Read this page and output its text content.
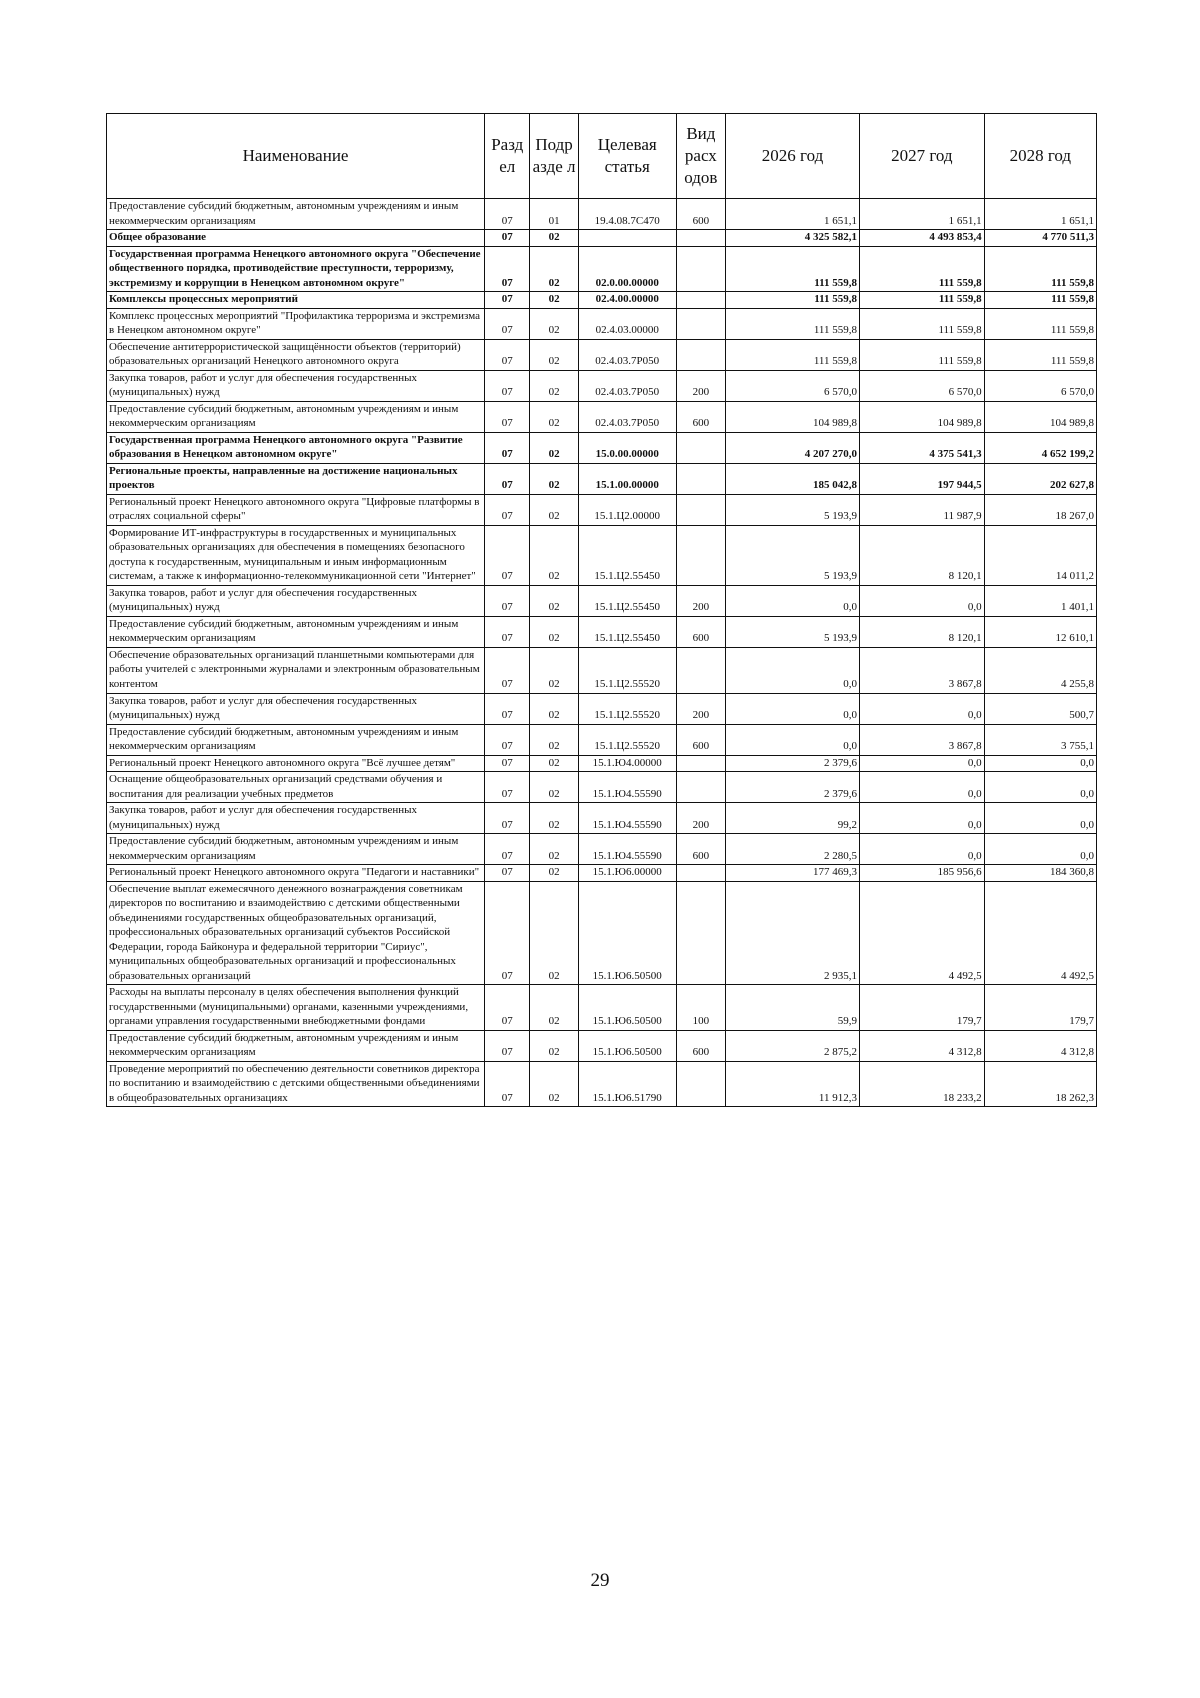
Наименование	Разд ел	Подр азде л	Целевая статья	Вид расх одов	2026 год	2027 год	2028 год
Предоставление субсидий бюджетным, автономным учреждениям и иным некоммерческим организациям	07	01	19.4.08.7С470	600	1 651,1	1 651,1	1 651,1
Общее образование	07	02			4 325 582,1	4 493 853,4	4 770 511,3
Государственная программа Ненецкого автономного округа "Обеспечение общественного порядка, противодействие преступности, терроризму, экстремизму и коррупции в Ненецком автономном округе"	07	02	02.0.00.00000		111 559,8	111 559,8	111 559,8
Комплексы процессных мероприятий	07	02	02.4.00.00000		111 559,8	111 559,8	111 559,8
Комплекс процессных мероприятий "Профилактика терроризма и экстремизма в Ненецком автономном округе"	07	02	02.4.03.00000		111 559,8	111 559,8	111 559,8
Обеспечение антитеррористической защищённости объектов (территорий) образовательных организаций Ненецкого автономного округа	07	02	02.4.03.7Р050		111 559,8	111 559,8	111 559,8
Закупка товаров, работ и услуг для обеспечения государственных (муниципальных) нужд	07	02	02.4.03.7Р050	200	6 570,0	6 570,0	6 570,0
Предоставление субсидий бюджетным, автономным учреждениям и иным некоммерческим организациям	07	02	02.4.03.7Р050	600	104 989,8	104 989,8	104 989,8
Государственная программа Ненецкого автономного округа "Развитие образования в Ненецком автономном округе"	07	02	15.0.00.00000		4 207 270,0	4 375 541,3	4 652 199,2
Региональные проекты, направленные на достижение национальных проектов	07	02	15.1.00.00000		185 042,8	197 944,5	202 627,8
Региональный проект Ненецкого автономного округа "Цифровые платформы в отраслях социальной сферы"	07	02	15.1.Ц2.00000		5 193,9	11 987,9	18 267,0
Формирование ИТ-инфраструктуры в государственных и муниципальных образовательных организациях для обеспечения в помещениях безопасного доступа к государственным, муниципальным и иным информационным системам, а также к информационно-телекоммуникационной сети "Интернет"	07	02	15.1.Ц2.55450		5 193,9	8 120,1	14 011,2
Закупка товаров, работ и услуг для обеспечения государственных (муниципальных) нужд	07	02	15.1.Ц2.55450	200	0,0	0,0	1 401,1
Предоставление субсидий бюджетным, автономным учреждениям и иным некоммерческим организациям	07	02	15.1.Ц2.55450	600	5 193,9	8 120,1	12 610,1
Обеспечение образовательных организаций планшетными компьютерами для работы учителей с электронными журналами и электронным образовательным контентом	07	02	15.1.Ц2.55520		0,0	3 867,8	4 255,8
Закупка товаров, работ и услуг для обеспечения государственных (муниципальных) нужд	07	02	15.1.Ц2.55520	200	0,0	0,0	500,7
Предоставление субсидий бюджетным, автономным учреждениям и иным некоммерческим организациям	07	02	15.1.Ц2.55520	600	0,0	3 867,8	3 755,1
Региональный проект Ненецкого автономного округа "Всё лучшее детям"	07	02	15.1.Ю4.00000		2 379,6	0,0	0,0
Оснащение общеобразовательных организаций средствами обучения и воспитания для реализации учебных предметов	07	02	15.1.Ю4.55590		2 379,6	0,0	0,0
Закупка товаров, работ и услуг для обеспечения государственных (муниципальных) нужд	07	02	15.1.Ю4.55590	200	99,2	0,0	0,0
Предоставление субсидий бюджетным, автономным учреждениям и иным некоммерческим организациям	07	02	15.1.Ю4.55590	600	2 280,5	0,0	0,0
Региональный проект Ненецкого автономного округа "Педагоги и наставники"	07	02	15.1.Ю6.00000		177 469,3	185 956,6	184 360,8
Обеспечение выплат ежемесячного денежного вознаграждения советникам директоров по воспитанию и взаимодействию с детскими общественными объединениями государственных общеобразовательных организаций, профессиональных образовательных организаций субъектов Российской Федерации, города Байконура и федеральной территории "Сириус", муниципальных общеобразовательных организаций и профессиональных образовательных организаций	07	02	15.1.Ю6.50500		2 935,1	4 492,5	4 492,5
Расходы на выплаты персоналу в целях обеспечения выполнения функций государственными (муниципальными) органами, казенными учреждениями, органами управления государственными внебюджетными фондами	07	02	15.1.Ю6.50500	100	59,9	179,7	179,7
Предоставление субсидий бюджетным, автономным учреждениям и иным некоммерческим организациям	07	02	15.1.Ю6.50500	600	2 875,2	4 312,8	4 312,8
Проведение мероприятий по обеспечению деятельности советников директора по воспитанию и взаимодействию с детскими общественными объединениями в общеобразовательных организациях	07	02	15.1.Ю6.51790		11 912,3	18 233,2	18 262,3
29
